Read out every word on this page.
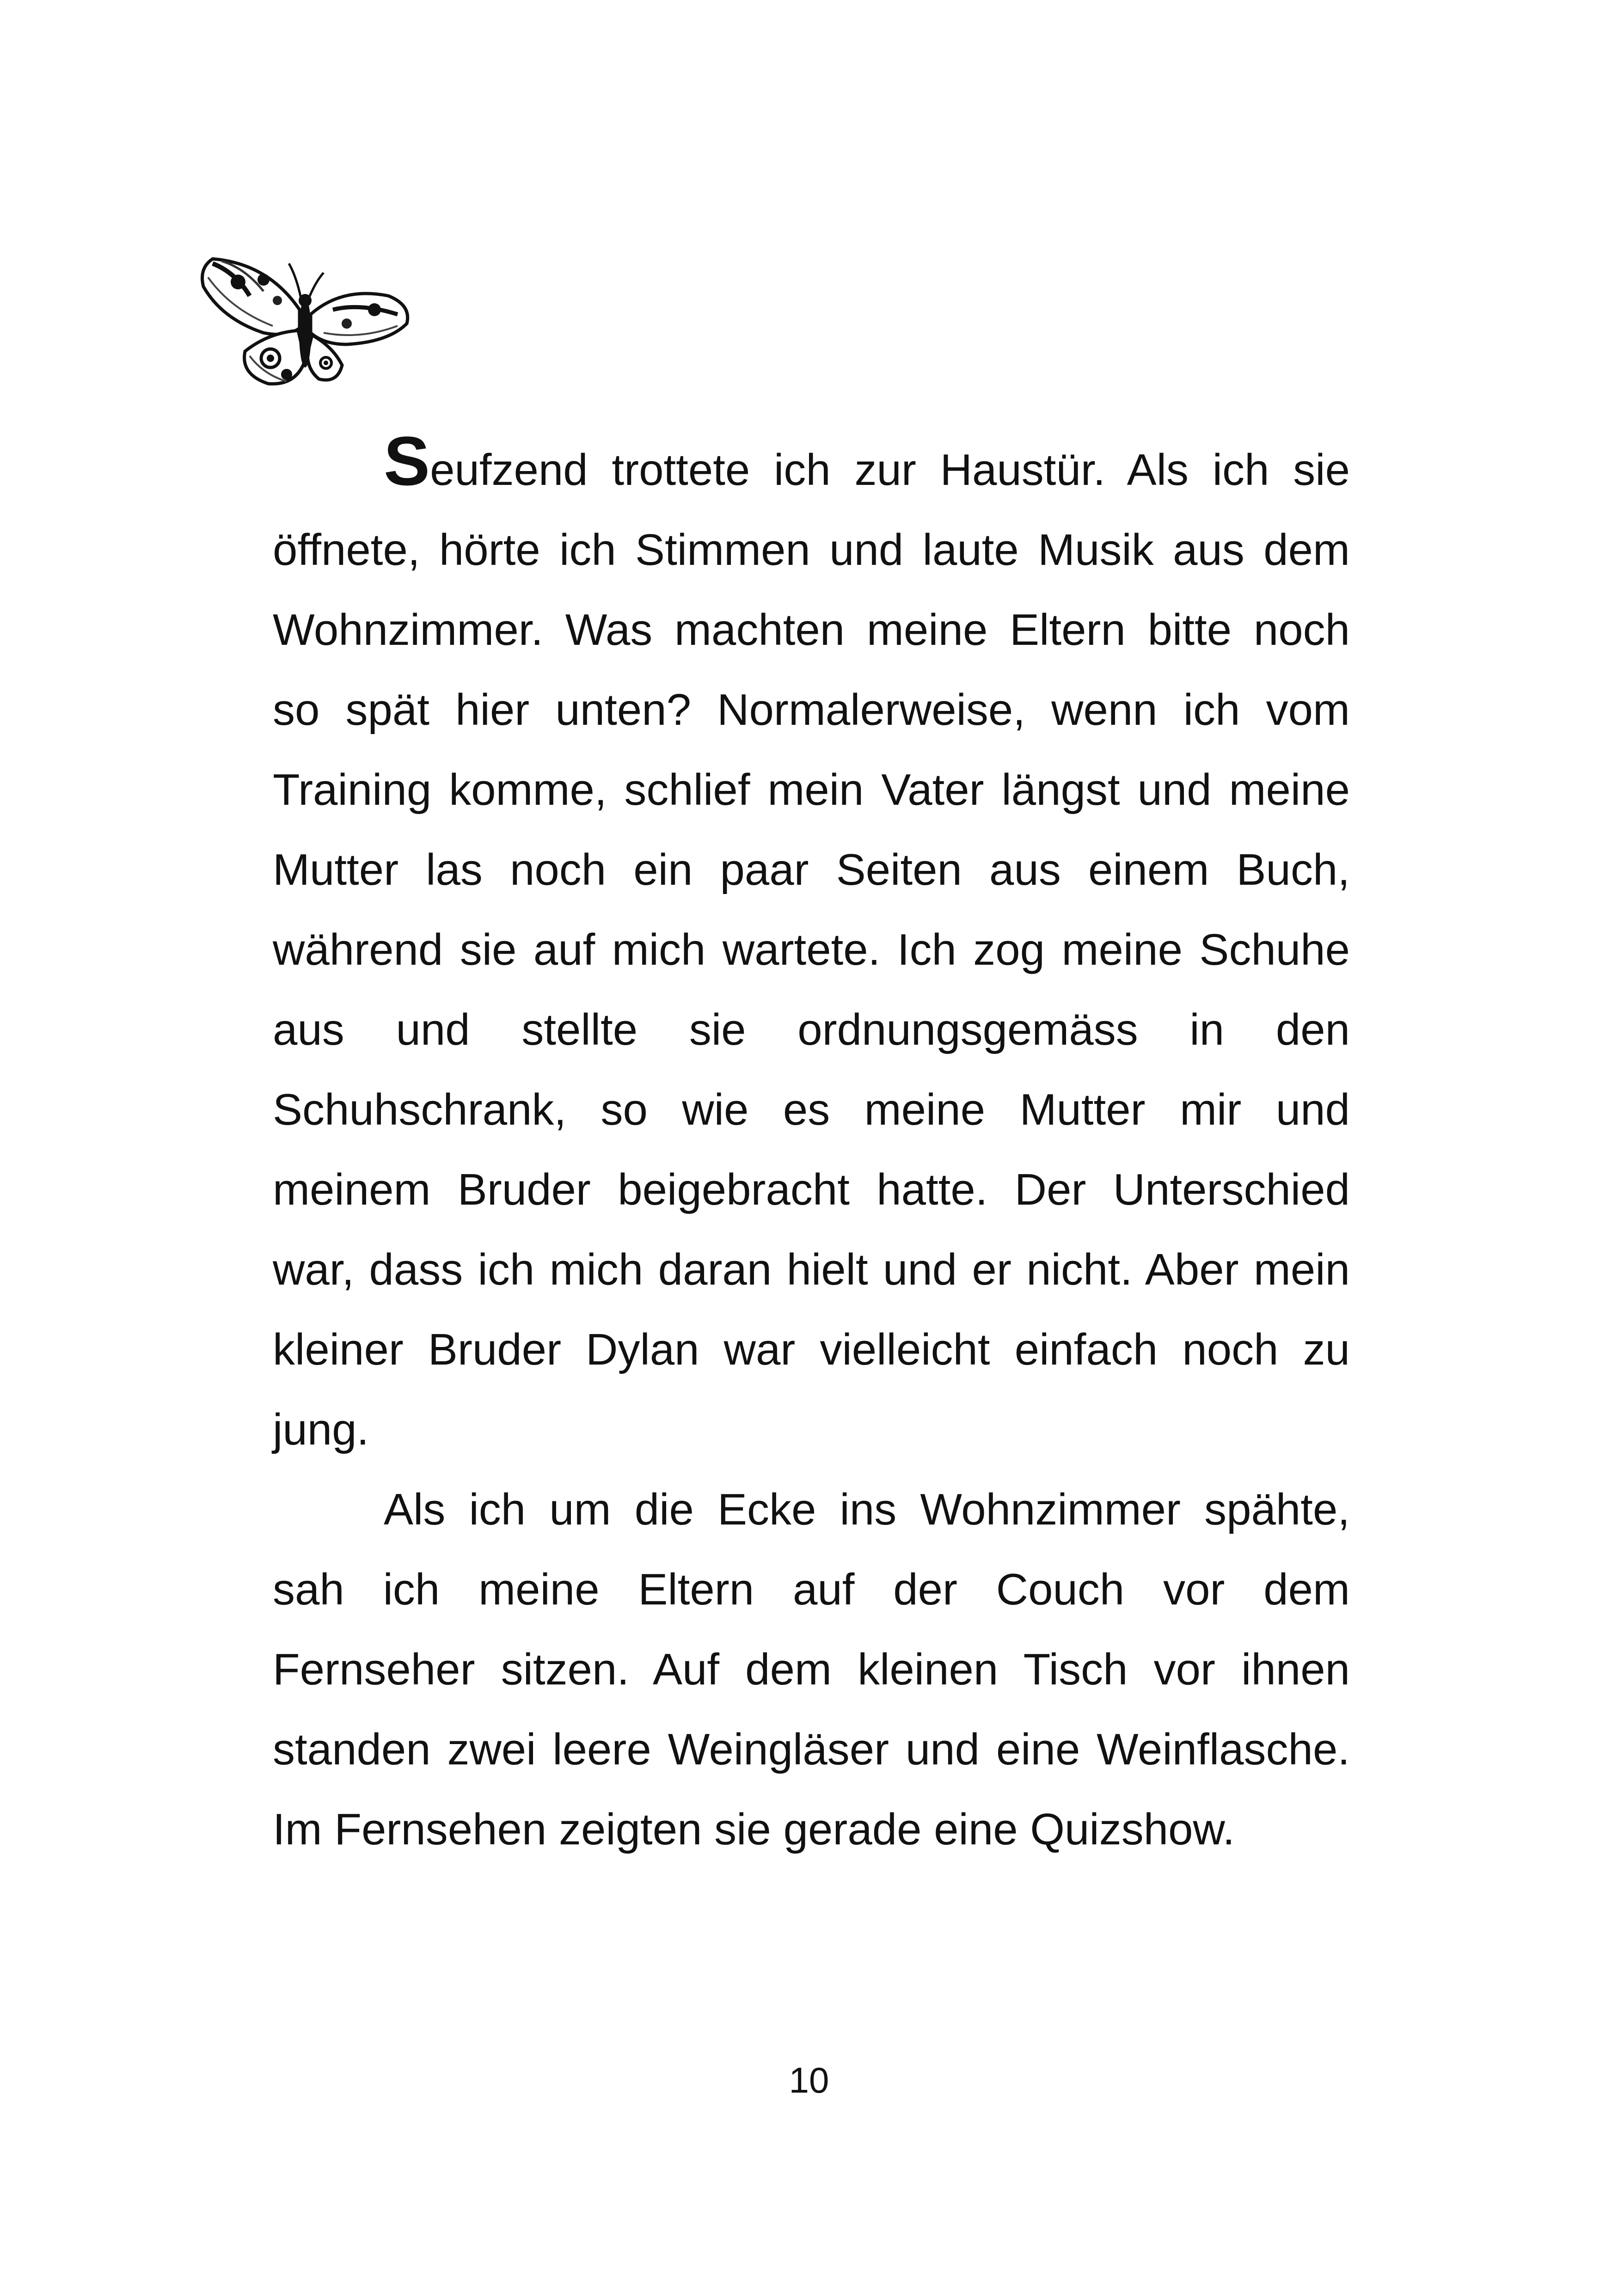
Seufzend trottete ich zur Haustür. Als ich sie öffnete, hörte ich Stimmen und laute Musik aus dem Wohnzimmer. Was machten meine Eltern bitte noch so spät hier unten? Normalerweise, wenn ich vom Training komme, schlief mein Vater längst und meine Mutter las noch ein paar Seiten aus einem Buch, während sie auf mich wartete. Ich zog meine Schuhe aus und stellte sie ordnungsgemäss in den Schuhschrank, so wie es meine Mutter mir und meinem Bruder beigebracht hatte. Der Unterschied war, dass ich mich daran hielt und er nicht. Aber mein kleiner Bruder Dylan war vielleicht einfach noch zu jung.

Als ich um die Ecke ins Wohnzimmer spähte, sah ich meine Eltern auf der Couch vor dem Fernseher sitzen. Auf dem kleinen Tisch vor ihnen standen zwei leere Weingläser und eine Weinflasche. Im Fernsehen zeigten sie gerade eine Quizshow.

10
